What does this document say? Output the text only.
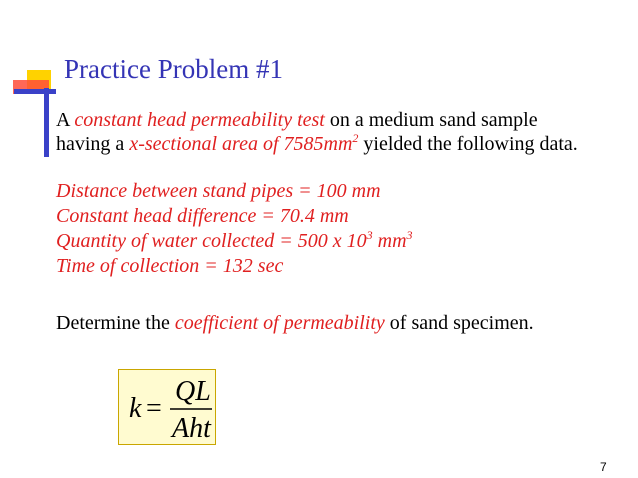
Practice Problem #1
A constant head permeability test on a medium sand sample
having a x-sectional area of $7585mm^2$ yielded the following data.
Distance between stand pipes = 100 mm
Constant head difference = 70.4 mm
Quantity of water collected = 500 x $10^3$ $mm^3$
Time of collection = 132 sec
Determine the coefficient of permeability of sand specimen.
k =
QL
Aht
7
